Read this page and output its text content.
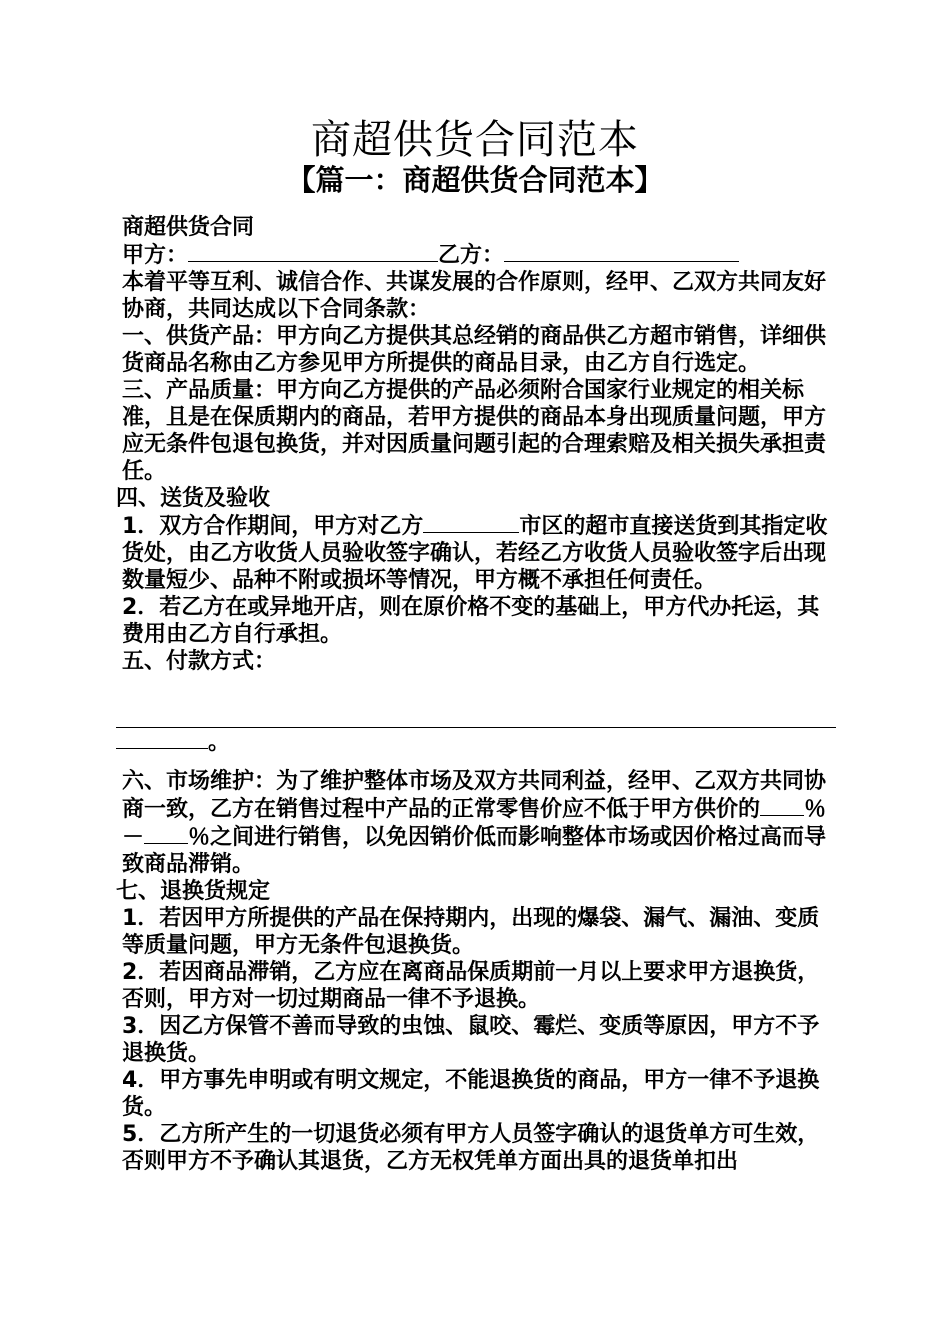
商超供货合同范本
【篇一：商超供货合同范本】

商超供货合同

甲方：	乙方：

本着平等互利、诚信合作、共谋发展的合作原则，经甲、乙双方共同友好协商，共同达成以下合同条款：

一、供货产品：甲方向乙方提供其总经销的商品供乙方超市销售，详细供货商品名称由乙方参见甲方所提供的商品目录，由乙方自行选定。

三、产品质量：甲方向乙方提供的产品必须附合国家行业规定的相关标准，且是在保质期内的商品，若甲方提供的商品本身出现质量问题，甲方应无条件包退包换货，并对因质量问题引起的合理索赔及相关损失承担责任。

四、送货及验收

1．双方合作期间，甲方对乙方	市区的超市直接送货到其指定收货处，由乙方收货人员验收签字确认，若经乙方收货人员验收签字后出现数量短少、品种不附或损坏等情况，甲方概不承担任何责任。

2．若乙方在或异地开店，则在原价格不变的基础上，甲方代办托运，其费用由乙方自行承担。

五、付款方式：

。

六、市场维护：为了维护整体市场及双方共同利益，经甲、乙双方共同协商一致，乙方在销售过程中产品的正常零售价应不低于甲方供价的 ％－ ％之间进行销售，以免因销价低而影响整体市场或因价格过高而导致商品滞销。

七、退换货规定

1．若因甲方所提供的产品在保持期内，出现的爆袋、漏气、漏油、变质等质量问题，甲方无条件包退换货。

2．若因商品滞销，乙方应在离商品保质期前一月以上要求甲方退换货，否则，甲方对一切过期商品一律不予退换。

3．因乙方保管不善而导致的虫蚀、鼠咬、霉烂、变质等原因，甲方不予退换货。

4．甲方事先申明或有明文规定，不能退换货的商品，甲方一律不予退换货。

5．乙方所产生的一切退货必须有甲方人员签字确认的退货单方可生效，否则甲方不予确认其退货，乙方无权凭单方面出具的退货单扣出
